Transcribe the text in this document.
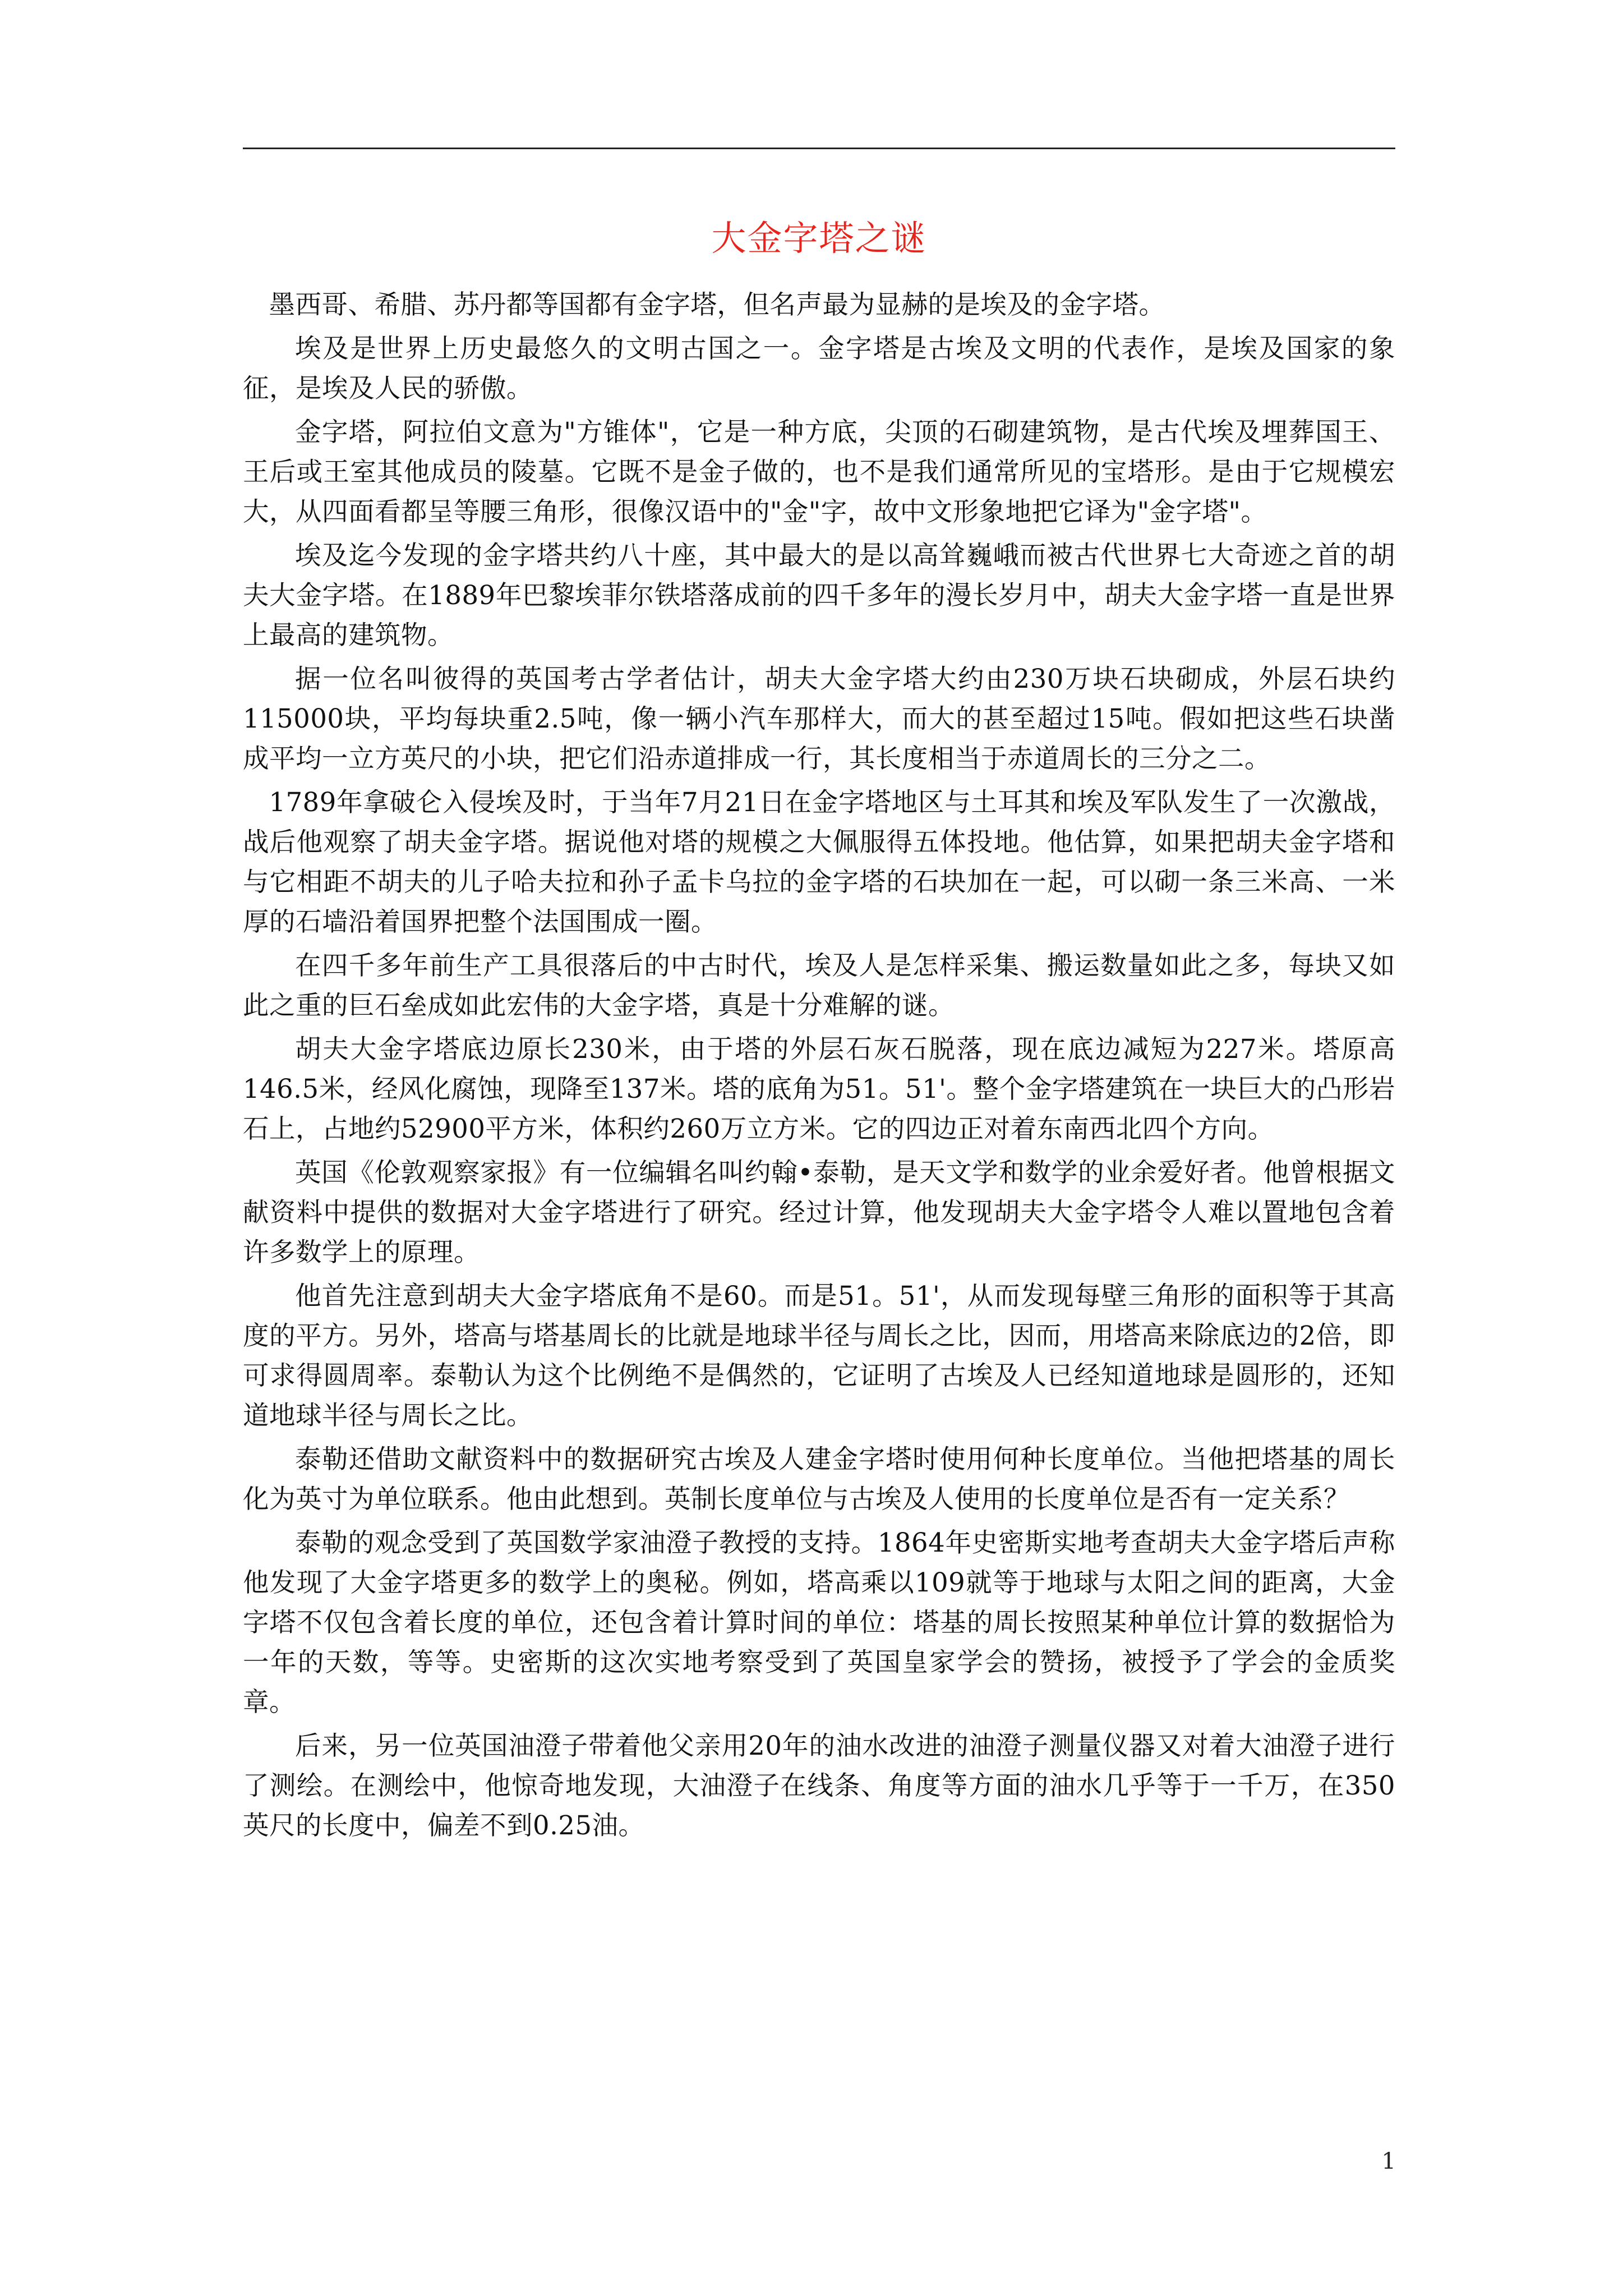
大金字塔之谜

墨西哥、希腊、苏丹都等国都有金字塔，但名声最为显赫的是埃及的金字塔。

埃及是世界上历史最悠久的文明古国之一。金字塔是古埃及文明的代表作，是埃及国家的象征，是埃及人民的骄傲。

金字塔，阿拉伯文意为"方锥体"，它是一种方底，尖顶的石砌建筑物，是古代埃及埋葬国王、王后或王室其他成员的陵墓。它既不是金子做的，也不是我们通常所见的宝塔形。是由于它规模宏大，从四面看都呈等腰三角形，很像汉语中的"金"字，故中文形象地把它译为"金字塔"。

埃及迄今发现的金字塔共约八十座，其中最大的是以高耸巍峨而被古代世界七大奇迹之首的胡夫大金字塔。在1889年巴黎埃菲尔铁塔落成前的四千多年的漫长岁月中，胡夫大金字塔一直是世界上最高的建筑物。

据一位名叫彼得的英国考古学者估计，胡夫大金字塔大约由230万块石块砌成，外层石块约115000块，平均每块重2.5吨，像一辆小汽车那样大，而大的甚至超过15吨。假如把这些石块凿成平均一立方英尺的小块，把它们沿赤道排成一行，其长度相当于赤道周长的三分之二。

1789年拿破仑入侵埃及时，于当年7月21日在金字塔地区与土耳其和埃及军队发生了一次激战，战后他观察了胡夫金字塔。据说他对塔的规模之大佩服得五体投地。他估算，如果把胡夫金字塔和与它相距不胡夫的儿子哈夫拉和孙子孟卡乌拉的金字塔的石块加在一起，可以砌一条三米高、一米厚的石墙沿着国界把整个法国围成一圈。

在四千多年前生产工具很落后的中古时代，埃及人是怎样采集、搬运数量如此之多，每块又如此之重的巨石垒成如此宏伟的大金字塔，真是十分难解的谜。

胡夫大金字塔底边原长230米，由于塔的外层石灰石脱落，现在底边减短为227米。塔原高146.5米，经风化腐蚀，现降至137米。塔的底角为51。51'。整个金字塔建筑在一块巨大的凸形岩石上，占地约52900平方米，体积约260万立方米。它的四边正对着东南西北四个方向。

英国《伦敦观察家报》有一位编辑名叫约翰•泰勒，是天文学和数学的业余爱好者。他曾根据文献资料中提供的数据对大金字塔进行了研究。经过计算，他发现胡夫大金字塔令人难以置地包含着许多数学上的原理。

他首先注意到胡夫大金字塔底角不是60。而是51。51'，从而发现每壁三角形的面积等于其高度的平方。另外，塔高与塔基周长的比就是地球半径与周长之比，因而，用塔高来除底边的2倍，即可求得圆周率。泰勒认为这个比例绝不是偶然的，它证明了古埃及人已经知道地球是圆形的，还知道地球半径与周长之比。

泰勒还借助文献资料中的数据研究古埃及人建金字塔时使用何种长度单位。当他把塔基的周长化为英寸为单位联系。他由此想到。英制长度单位与古埃及人使用的长度单位是否有一定关系？

泰勒的观念受到了英国数学家油澄子教授的支持。1864年史密斯实地考查胡夫大金字塔后声称他发现了大金字塔更多的数学上的奥秘。例如，塔高乘以109就等于地球与太阳之间的距离，大金字塔不仅包含着长度的单位，还包含着计算时间的单位：塔基的周长按照某种单位计算的数据恰为一年的天数，等等。史密斯的这次实地考察受到了英国皇家学会的赞扬，被授予了学会的金质奖章。

后来，另一位英国油澄子带着他父亲用20年的油水改进的油澄子测量仪器又对着大油澄子进行了测绘。在测绘中，他惊奇地发现，大油澄子在线条、角度等方面的油水几乎等于一千万，在350英尺的长度中，偏差不到0.25油。

1
